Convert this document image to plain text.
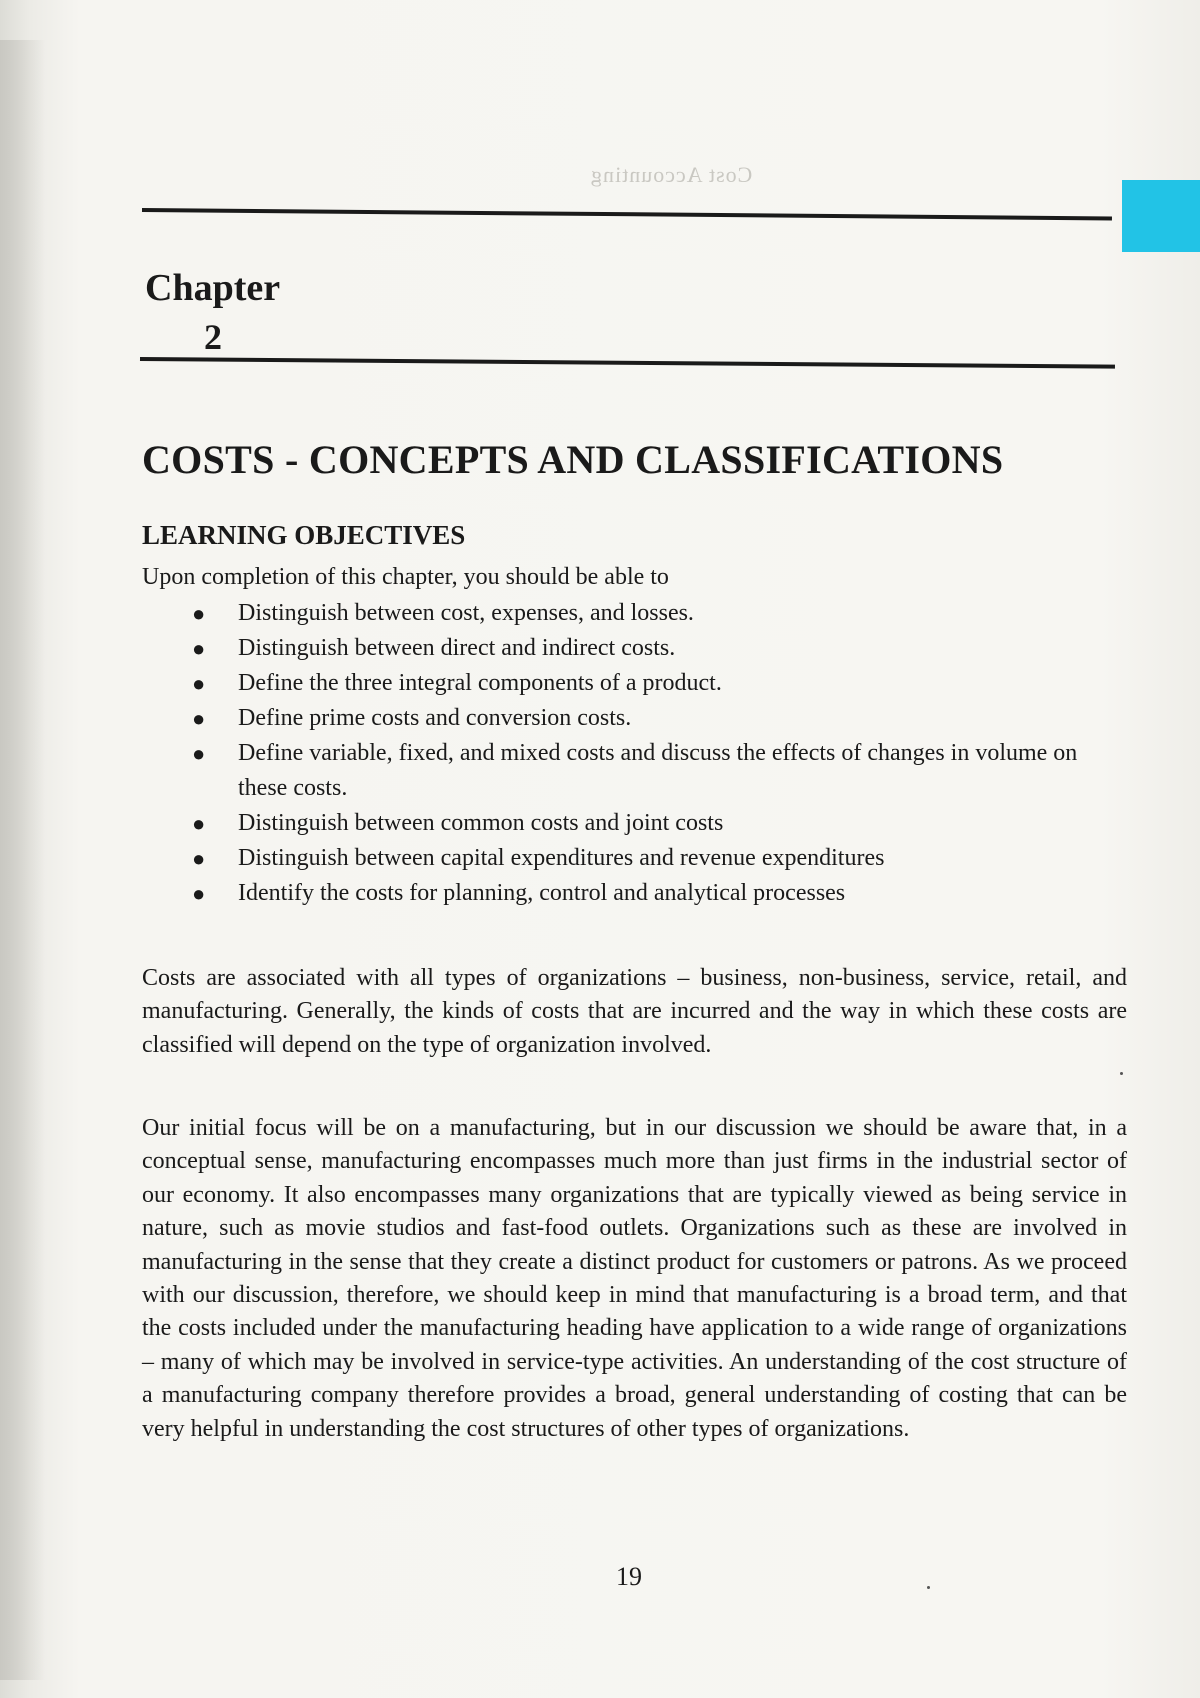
Cost Accounting
Chapter
2
COSTS - CONCEPTS AND CLASSIFICATIONS
LEARNING OBJECTIVES
Upon completion of this chapter, you should be able to
● Distinguish between cost, expenses, and losses.
● Distinguish between direct and indirect costs.
● Define the three integral components of a product.
● Define prime costs and conversion costs.
● Define variable, fixed, and mixed costs and discuss the effects of changes in volume on these costs.
● Distinguish between common costs and joint costs
● Distinguish between capital expenditures and revenue expenditures
● Identify the costs for planning, control and analytical processes

Costs are associated with all types of organizations – business, non-business, service, retail, and manufacturing. Generally, the kinds of costs that are incurred and the way in which these costs are classified will depend on the type of organization involved.

Our initial focus will be on a manufacturing, but in our discussion we should be aware that, in a conceptual sense, manufacturing encompasses much more than just firms in the industrial sector of our economy. It also encompasses many organizations that are typically viewed as being service in nature, such as movie studios and fast-food outlets. Organizations such as these are involved in manufacturing in the sense that they create a distinct product for customers or patrons. As we proceed with our discussion, therefore, we should keep in mind that manufacturing is a broad term, and that the costs included under the manufacturing heading have application to a wide range of organizations – many of which may be involved in service-type activities. An understanding of the cost structure of a manufacturing company therefore provides a broad, general understanding of costing that can be very helpful in understanding the cost structures of other types of organizations.

19
